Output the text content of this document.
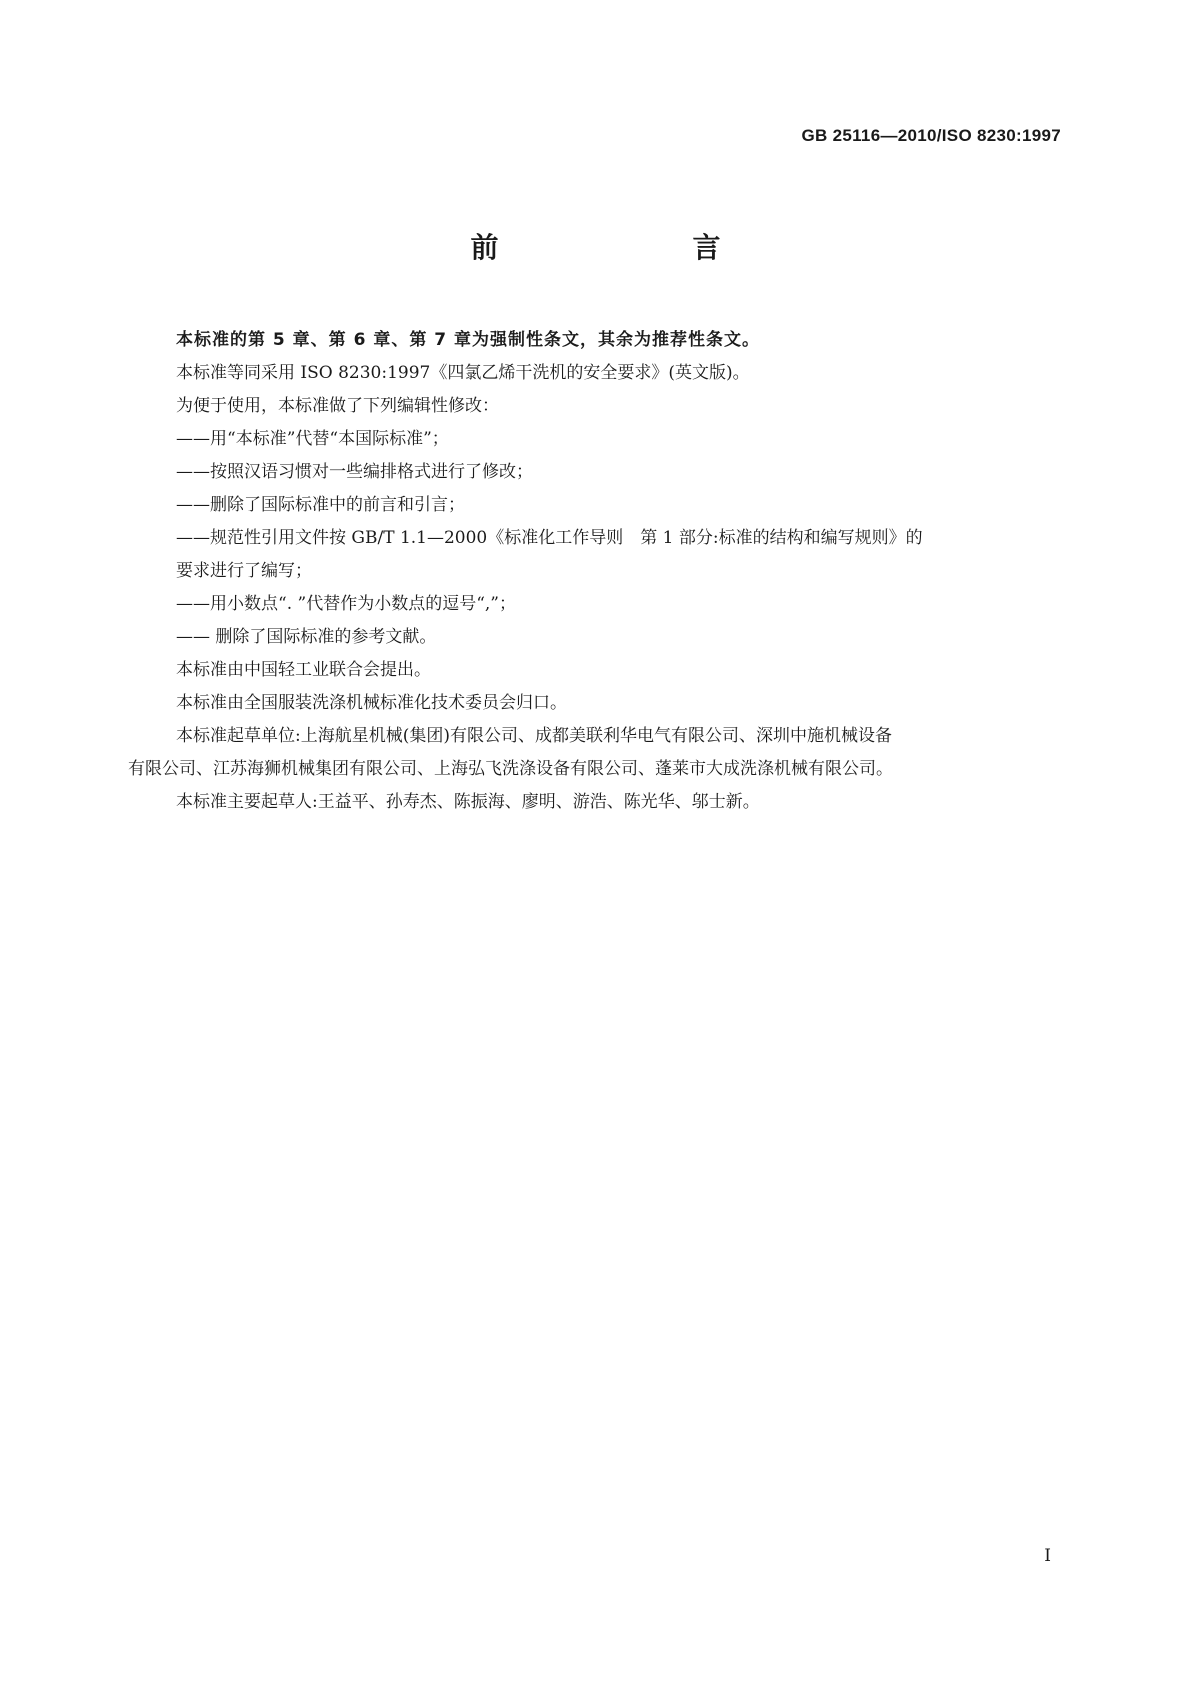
GB 25116—2010/ISO 8230:1997
前　　言

本标准的第 5 章、第 6 章、第 7 章为强制性条文，其余为推荐性条文。

本标准等同采用 ISO 8230:1997《四氯乙烯干洗机的安全要求》(英文版)。

为便于使用，本标准做了下列编辑性修改：

——用“本标准”代替“本国际标准”；

——按照汉语习惯对一些编排格式进行了修改；

——删除了国际标准中的前言和引言；

——规范性引用文件按 GB/T 1.1—2000《标准化工作导则　第 1 部分:标准的结构和编写规则》的
要求进行了编写；

——用小数点“. ”代替作为小数点的逗号“,”；

—— 删除了国际标准的参考文献。

本标准由中国轻工业联合会提出。

本标准由全国服装洗涤机械标准化技术委员会归口。

本标准起草单位:上海航星机械(集团)有限公司、成都美联利华电气有限公司、深圳中施机械设备

有限公司、江苏海狮机械集团有限公司、上海弘飞洗涤设备有限公司、蓬莱市大成洗涤机械有限公司。

本标准主要起草人:王益平、孙寿杰、陈振海、廖明、游浩、陈光华、邬士新。

I
